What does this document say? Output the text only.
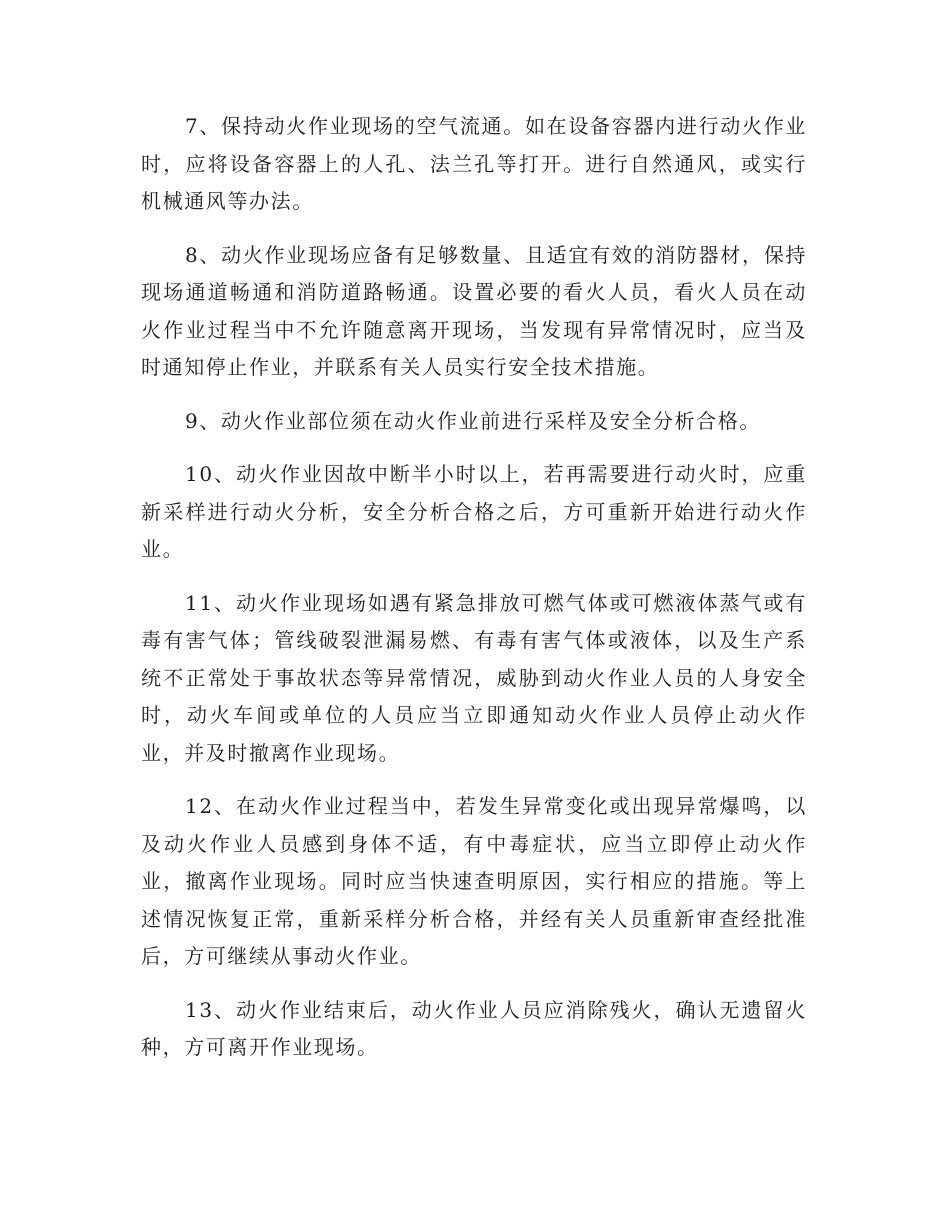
7、保持动火作业现场的空气流通。如在设备容器内进行动火作业时，应将设备容器上的人孔、法兰孔等打开。进行自然通风，或实行机械通风等办法。

8、动火作业现场应备有足够数量、且适宜有效的消防器材，保持现场通道畅通和消防道路畅通。设置必要的看火人员，看火人员在动火作业过程当中不允许随意离开现场，当发现有异常情况时，应当及时通知停止作业，并联系有关人员实行安全技术措施。

9、动火作业部位须在动火作业前进行采样及安全分析合格。

10、动火作业因故中断半小时以上，若再需要进行动火时，应重新采样进行动火分析，安全分析合格之后，方可重新开始进行动火作业。

11、动火作业现场如遇有紧急排放可燃气体或可燃液体蒸气或有毒有害气体；管线破裂泄漏易燃、有毒有害气体或液体，以及生产系统不正常处于事故状态等异常情况，威胁到动火作业人员的人身安全时，动火车间或单位的人员应当立即通知动火作业人员停止动火作业，并及时撤离作业现场。

12、在动火作业过程当中，若发生异常变化或出现异常爆鸣，以及动火作业人员感到身体不适，有中毒症状，应当立即停止动火作业，撤离作业现场。同时应当快速查明原因，实行相应的措施。等上述情况恢复正常，重新采样分析合格，并经有关人员重新审查经批准后，方可继续从事动火作业。

13、动火作业结束后，动火作业人员应消除残火，确认无遗留火种，方可离开作业现场。
